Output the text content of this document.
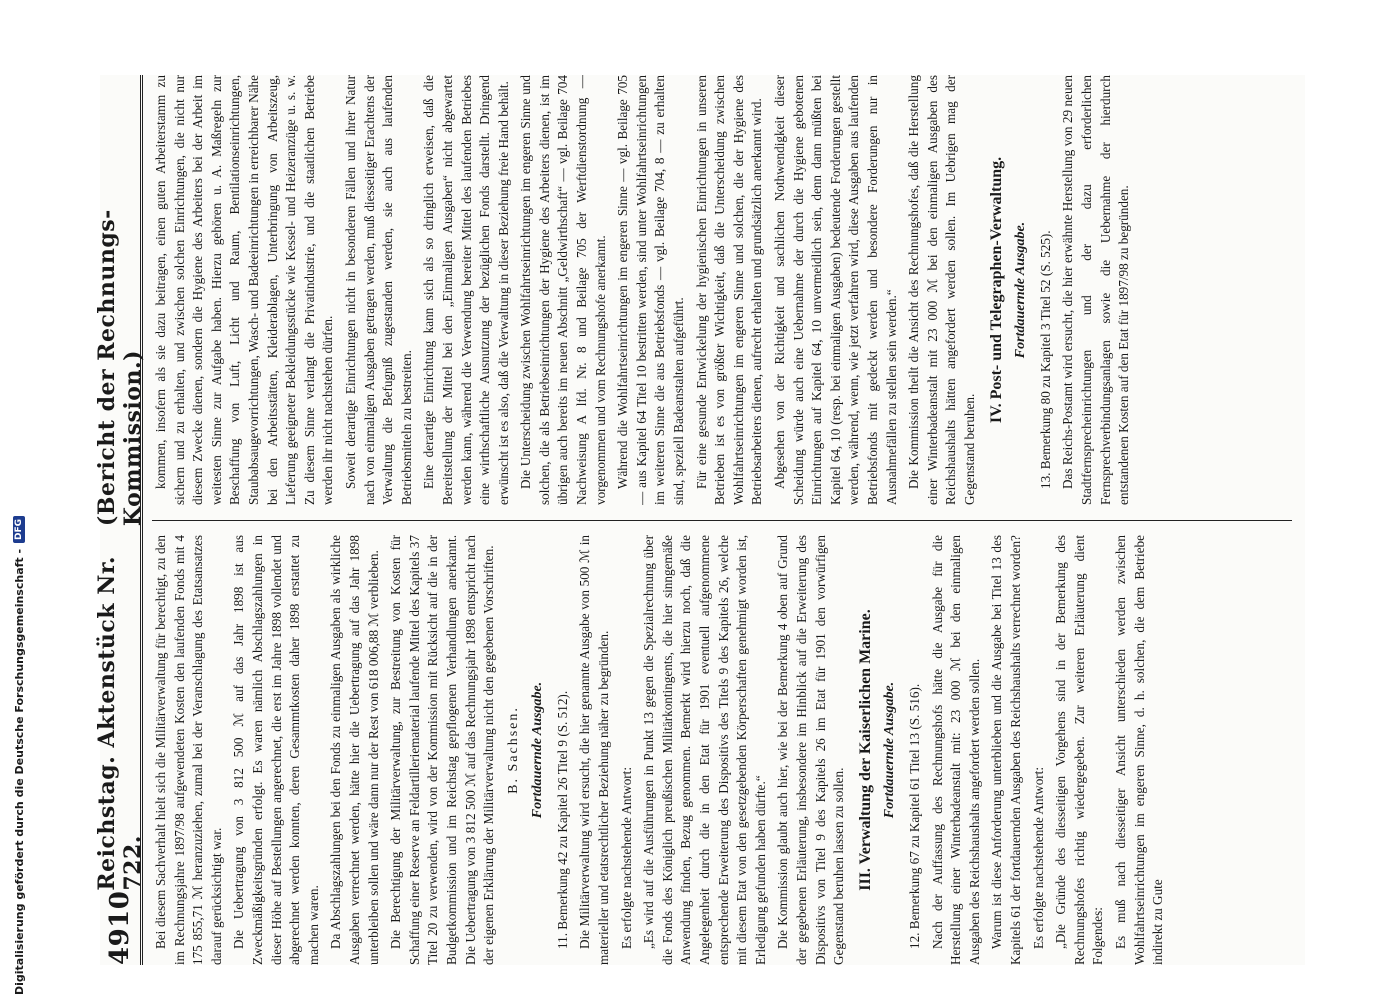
4910
Reichstag. Aktenstück Nr. 722.
(Bericht der Rechnungs-Kommission.)

Bei diesem Sachverhalt hielt sich die Militärverwaltung für berechtigt, zu den im Rechnungsjahre 1897/98 aufgewendeten Kosten den laufenden Fonds mit 4 175 855,71 ℳ heranzuziehen, zumal bei der Veranschlagung des Etatsansatzes darauf gerücksichtigt war. Die Uebertragung von 3 812 500 ℳ auf das Jahr 1898 ist aus Zweckmäßigkeitsgründen erfolgt. Es waren nämlich Abschlagszahlungen in dieser Höhe auf Bestellungen angerechnet, die erst im Jahre 1898 vollendet und abgerechnet werden konnten, deren Gesammtkosten daher 1898 erstattet zu machen waren. Da Abschlagszahlungen bei den Fonds zu einmaligen Ausgaben als wirkliche Ausgaben verrechnet werden, hätte hier die Uebertragung auf das Jahr 1898 unterbleiben sollen und wäre dann nur der Rest von 618 006,88 ℳ verblieben. Die Berechtigung der Militärverwaltung, zur Bestreitung von Kosten für Schaffung einer Reserve an Feldartilleriematerial laufende Mittel des Kapitels 37 Titel 20 zu verwenden, wird von der Kommission mit Rücksicht auf die in der Budgetkommission und im Reichstag gepflogenen Verhandlungen anerkannt. Die Uebertragung von 3 812 500 ℳ auf das Rechnungsjahr 1898 entspricht nach der eigenen Erklärung der Militärverwaltung nicht den gegebenen Vorschriften. B. Sachsen. Fortdauernde Ausgabe. 11. Bemerkung 42 zu Kapitel 26 Titel 9 (S. 512). Die Militärverwaltung wird ersucht, die hier genannte Ausgabe von 500 ℳ in materieller und etatsrechtlicher Beziehung näher zu begründen. Es erfolgte nachstehende Antwort: „Es wird auf die Ausführungen in Punkt 13 gegen die Spezialrechnung über die Fonds des Königlich preußischen Militärkontingents, die hier sinngemäße Anwendung finden, Bezug genommen. Bemerkt wird hierzu noch, daß die Angelegenheit durch die in den Etat für 1901 eventuell aufgenommene entsprechende Erweiterung des Dispositivs des Titels 9 des Kapitels 26, welche mit diesem Etat von den gesetzgebenden Körperschaften genehmigt worden ist, Erledigung gefunden haben dürfte.“ Die Kommission glaubt auch hier, wie bei der Bemerkung 4 oben auf Grund der gegebenen Erläuterung, insbesondere im Hinblick auf die Erweiterung des Dispositivs von Titel 9 des Kapitels 26 im Etat für 1901 den vorwürfigen Gegenstand beruhen lassen zu sollen. III. Verwaltung der Kaiserlichen Marine. Fortdauernde Ausgabe. 12. Bemerkung 67 zu Kapitel 61 Titel 13 (S. 516). Nach der Auffassung des Rechnungshofs hätte die Ausgabe für die Herstellung einer Winterbadeanstalt mit: 23 000 ℳ bei den einmaligen Ausgaben des Reichshaushalts angefordert werden sollen. Warum ist diese Anforderung unterblieben und die Ausgabe bei Titel 13 des Kapitels 61 der fortdauernden Ausgaben des Reichshaushalts verrechnet worden? Es erfolgte nachstehende Antwort: „Die Gründe des diesseitigen Vorgehens sind in der Bemerkung des Rechnungshofes richtig wiedergegeben. Zur weiteren Erläuterung dient Folgendes: Es muß nach diesseitiger Ansicht unterschieden werden zwischen Wohlfahrtseinrichtungen im engeren Sinne, d. h. solchen, die dem Betriebe indirekt zu Gute

kommen, insofern als sie dazu beitragen, einen guten Arbeiterstamm zu sichern und zu erhalten, und zwischen solchen Einrichtungen, die nicht nur diesem Zwecke dienen, sondern die Hygiene des Arbeiters bei der Arbeit im weitesten Sinne zur Aufgabe haben. Hierzu gehören u. A. Maßregeln zur Beschaffung von Luft, Licht und Raum, Bentilationseinrichtungen, Staubabsaugevorrichtungen, Wasch- und Badeeinrichtungen in erreichbarer Nähe bei den Arbeitsstätten, Kleiderablagen, Unterbringung von Arbeitszeug, Lieferung geeigneter Bekleidungsstücke wie Kessel- und Heizeranzüge u. s. w. Zu diesem Sinne verlangt die Privatindustrie, und die staatlichen Betriebe werden ihr nicht nachstehen dürfen. Soweit derartige Einrichtungen nicht in besonderen Fällen und ihrer Natur nach von einmaligen Ausgaben getragen werden, muß diesseitiger Erachtens der Verwaltung die Befugniß zugestanden werden, sie auch aus laufenden Betriebsmitteln zu bestreiten. Eine derartige Einrichtung kann sich als so dringlich erweisen, daß die Bereitstellung der Mittel bei den „Einmaligen Ausgaben“ nicht abgewartet werden kann, während die Verwendung bereiter Mittel des laufenden Betriebes eine wirthschaftliche Ausnutzung der bezüglichen Fonds darstellt. Dringend erwünscht ist es also, daß die Verwaltung in dieser Beziehung freie Hand behält. Die Unterscheidung zwischen Wohlfahrtseinrichtungen im engeren Sinne und solchen, die als Betriebseinrichtungen der Hygiene des Arbeiters dienen, ist im übrigen auch bereits im neuen Abschnitt „Geldwirthschaft“ — vgl. Beilage 704 Nachweisung A lfd. Nr. 8 und Beilage 705 der Werftdienstordnung — vorgenommen und vom Rechnungshofe anerkannt. Während die Wohlfahrtseinrichtungen im engeren Sinne — vgl. Beilage 705 — aus Kapitel 64 Titel 10 bestritten werden, sind unter Wohlfahrtseinrichtungen im weiteren Sinne die aus Betriebsfonds — vgl. Beilage 704, 8 — zu erhalten sind, speziell Badeanstalten aufgeführt. Für eine gesunde Entwickelung der hygienischen Einrichtungen in unseren Betrieben ist es von größter Wichtigkeit, daß die Unterscheidung zwischen Wohlfahrtseinrichtungen im engeren Sinne und solchen, die der Hygiene des Betriebsarbeiters dienen, aufrecht erhalten und grundsätzlich anerkannt wird. Abgesehen von der Richtigkeit und sachlichen Nothwendigkeit dieser Scheidung würde auch eine Uebernahme der durch die Hygiene gebotenen Einrichtungen auf Kapitel 64, 10 unvermeidlich sein, denn dann müßten bei Kapitel 64, 10 (resp. bei einmaligen Ausgaben) bedeutende Forderungen gestellt werden, während, wenn, wie jetzt verfahren wird, diese Ausgaben aus laufenden Betriebsfonds mit gedeckt werden und besondere Forderungen nur in Ausnahmefällen zu stellen sein werden.“ Die Kommission theilt die Ansicht des Rechnungshofes, daß die Herstellung einer Winterbadeanstalt mit 23 000 ℳ bei den einmaligen Ausgaben des Reichshaushalts hätten angefordert werden sollen. Im Uebrigen mag der Gegenstand beruhen.

IV. Post- und Telegraphen-Verwaltung. Fortdauernde Ausgabe. 13. Bemerkung 80 zu Kapitel 3 Titel 52 (S. 525). Das Reichs-Postamt wird ersucht, die hier erwähnte Herstellung von 29 neuen Stadtfernsprecheinrichtungen und der dazu erforderlichen Fernsprechverbindungsanlagen sowie die Uebernahme der hierdurch entstandenen Kosten auf den Etat für 1897/98 zu begründen.

Digitalisierung gefördert durch die Deutsche Forschungsgemeinschaft -
DFG
